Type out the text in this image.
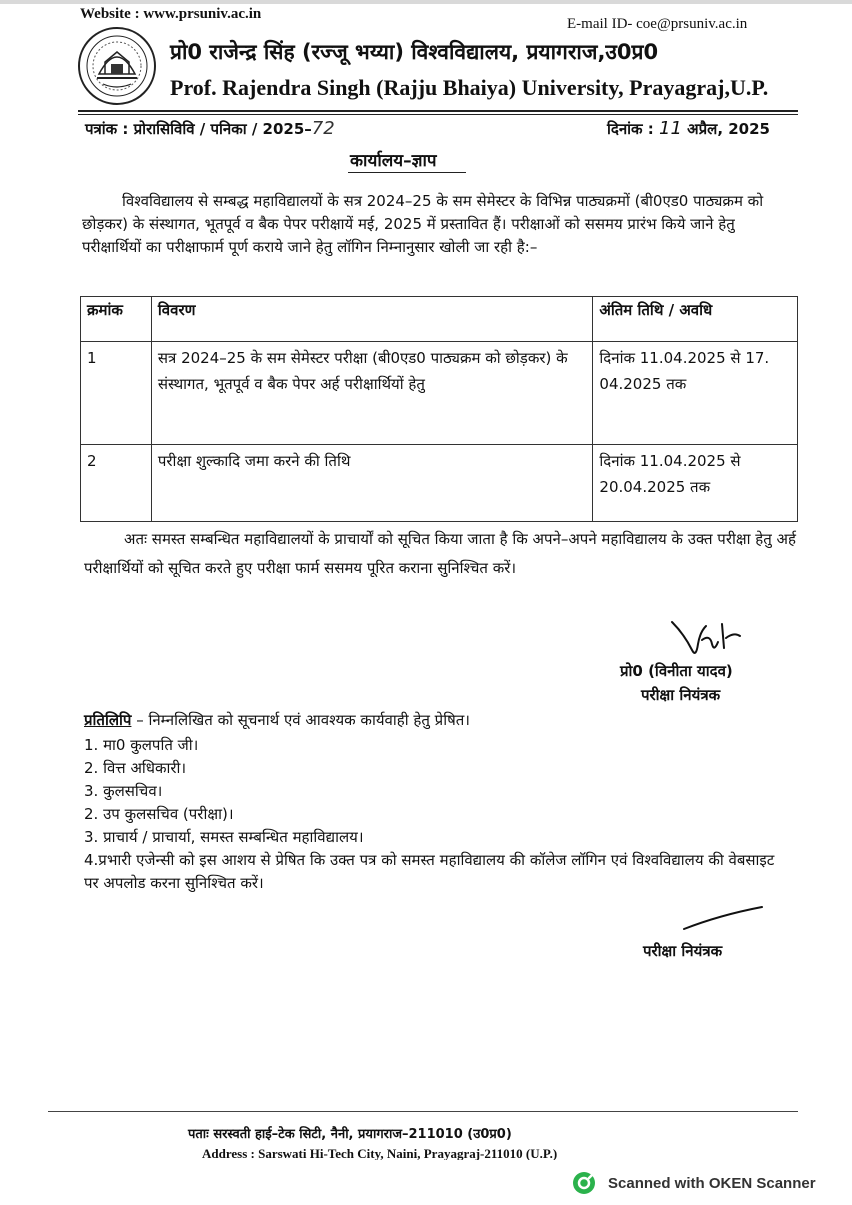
Website : www.prsuniv.ac.in
E-mail ID- coe@prsuniv.ac.in
प्रो0 राजेन्द्र सिंह (रज्जू भय्या) विश्वविद्यालय, प्रयागराज,उ0प्र0
Prof. Rajendra Singh (Rajju Bhaiya) University, Prayagraj,U.P.
पत्रांक : प्रोरासिविवि / पनिका / 2025–72	दिनांक : 11 अप्रैल, 2025
कार्यालय–ज्ञाप
विश्वविद्यालय से सम्बद्ध महाविद्यालयों के सत्र 2024–25 के सम सेमेस्टर के विभिन्न पाठ्यक्रमों (बी0एड0 पाठ्यक्रम को छोड़कर) के संस्थागत, भूतपूर्व व बैक पेपर परीक्षायें मई, 2025 में प्रस्तावित हैं। परीक्षाओं को ससमय प्रारंभ किये जाने हेतु परीक्षार्थियों का परीक्षाफार्म पूर्ण कराये जाने हेतु लॉगिन निम्नानुसार खोली जा रही है:–
क्रमांक	विवरण	अंतिम तिथि / अवधि
1	सत्र 2024–25 के सम सेमेस्टर परीक्षा (बी0एड0 पाठ्यक्रम को छोड़कर) के संस्थागत, भूतपूर्व व बैक पेपर अर्ह परीक्षार्थियों हेतु	दिनांक 11.04.2025 से 17. 04.2025 तक
2	परीक्षा शुल्कादि जमा करने की तिथि	दिनांक 11.04.2025 से 20.04.2025 तक
अतः समस्त सम्बन्धित महाविद्यालयों के प्राचार्यों को सूचित किया जाता है कि अपने–अपने महाविद्यालय के उक्त परीक्षा हेतु अर्ह परीक्षार्थियों को सूचित करते हुए परीक्षा फार्म ससमय पूरित कराना सुनिश्चित करें।
प्रो0 (विनीता यादव)
परीक्षा नियंत्रक
प्रतिलिपि – निम्नलिखित को सूचनार्थ एवं आवश्यक कार्यवाही हेतु प्रेषित।
1. मा0 कुलपति जी।
2. वित्त अधिकारी।
3. कुलसचिव।
2. उप कुलसचिव (परीक्षा)।
3. प्राचार्य / प्राचार्या, समस्त सम्बन्धित महाविद्यालय।
4.प्रभारी एजेन्सी को इस आशय से प्रेषित कि उक्त पत्र को समस्त महाविद्यालय की कॉलेज लॉगिन एवं विश्वविद्यालय की वेबसाइट पर अपलोड करना सुनिश्चित करें।
परीक्षा नियंत्रक
पताः सरस्वती हाई–टेक सिटी, नैनी, प्रयागराज–211010 (उ0प्र0)
Address : Sarswati Hi-Tech City, Naini, Prayagraj-211010 (U.P.)
Scanned with OKEN Scanner
